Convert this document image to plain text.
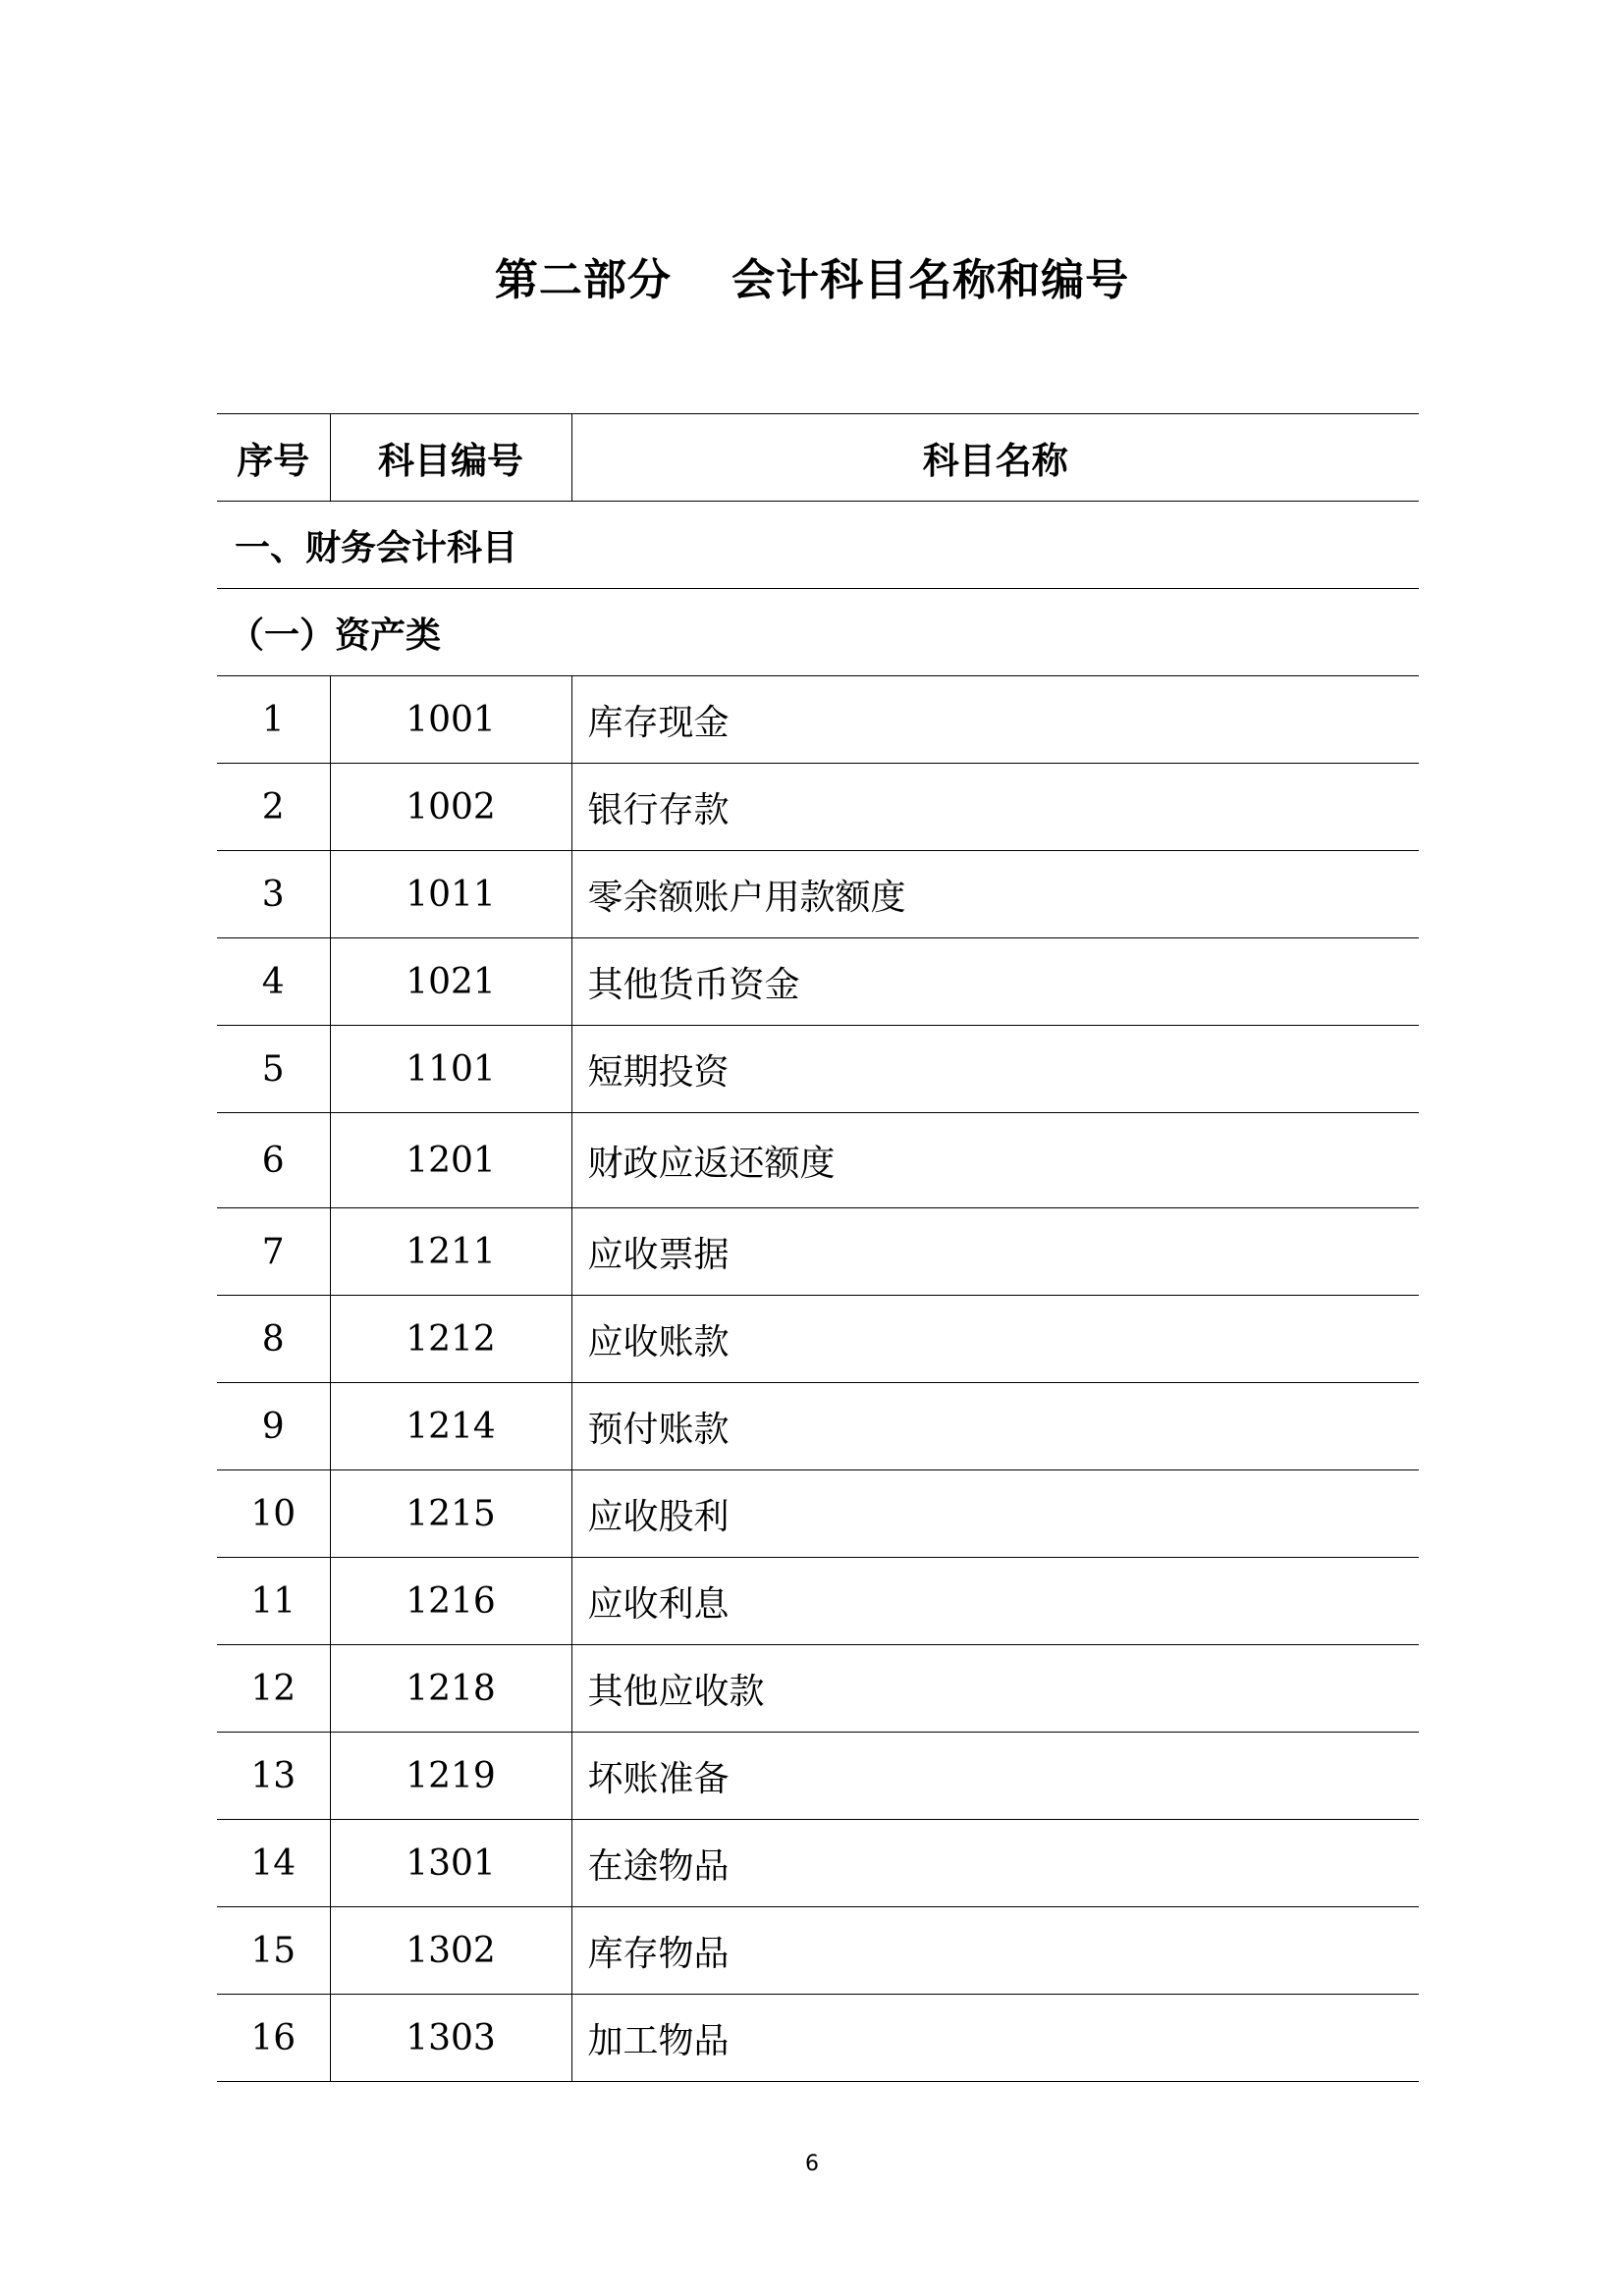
第二部分　 会计科目名称和编号
序号	科目编号	科目名称
一、财务会计科目		
（一）资产类		
1	1001	库存现金
2	1002	银行存款
3	1011	零余额账户用款额度
4	1021	其他货币资金
5	1101	短期投资
6	1201	财政应返还额度
7	1211	应收票据
8	1212	应收账款
9	1214	预付账款
10	1215	应收股利
11	1216	应收利息
12	1218	其他应收款
13	1219	坏账准备
14	1301	在途物品
15	1302	库存物品
16	1303	加工物品
6
